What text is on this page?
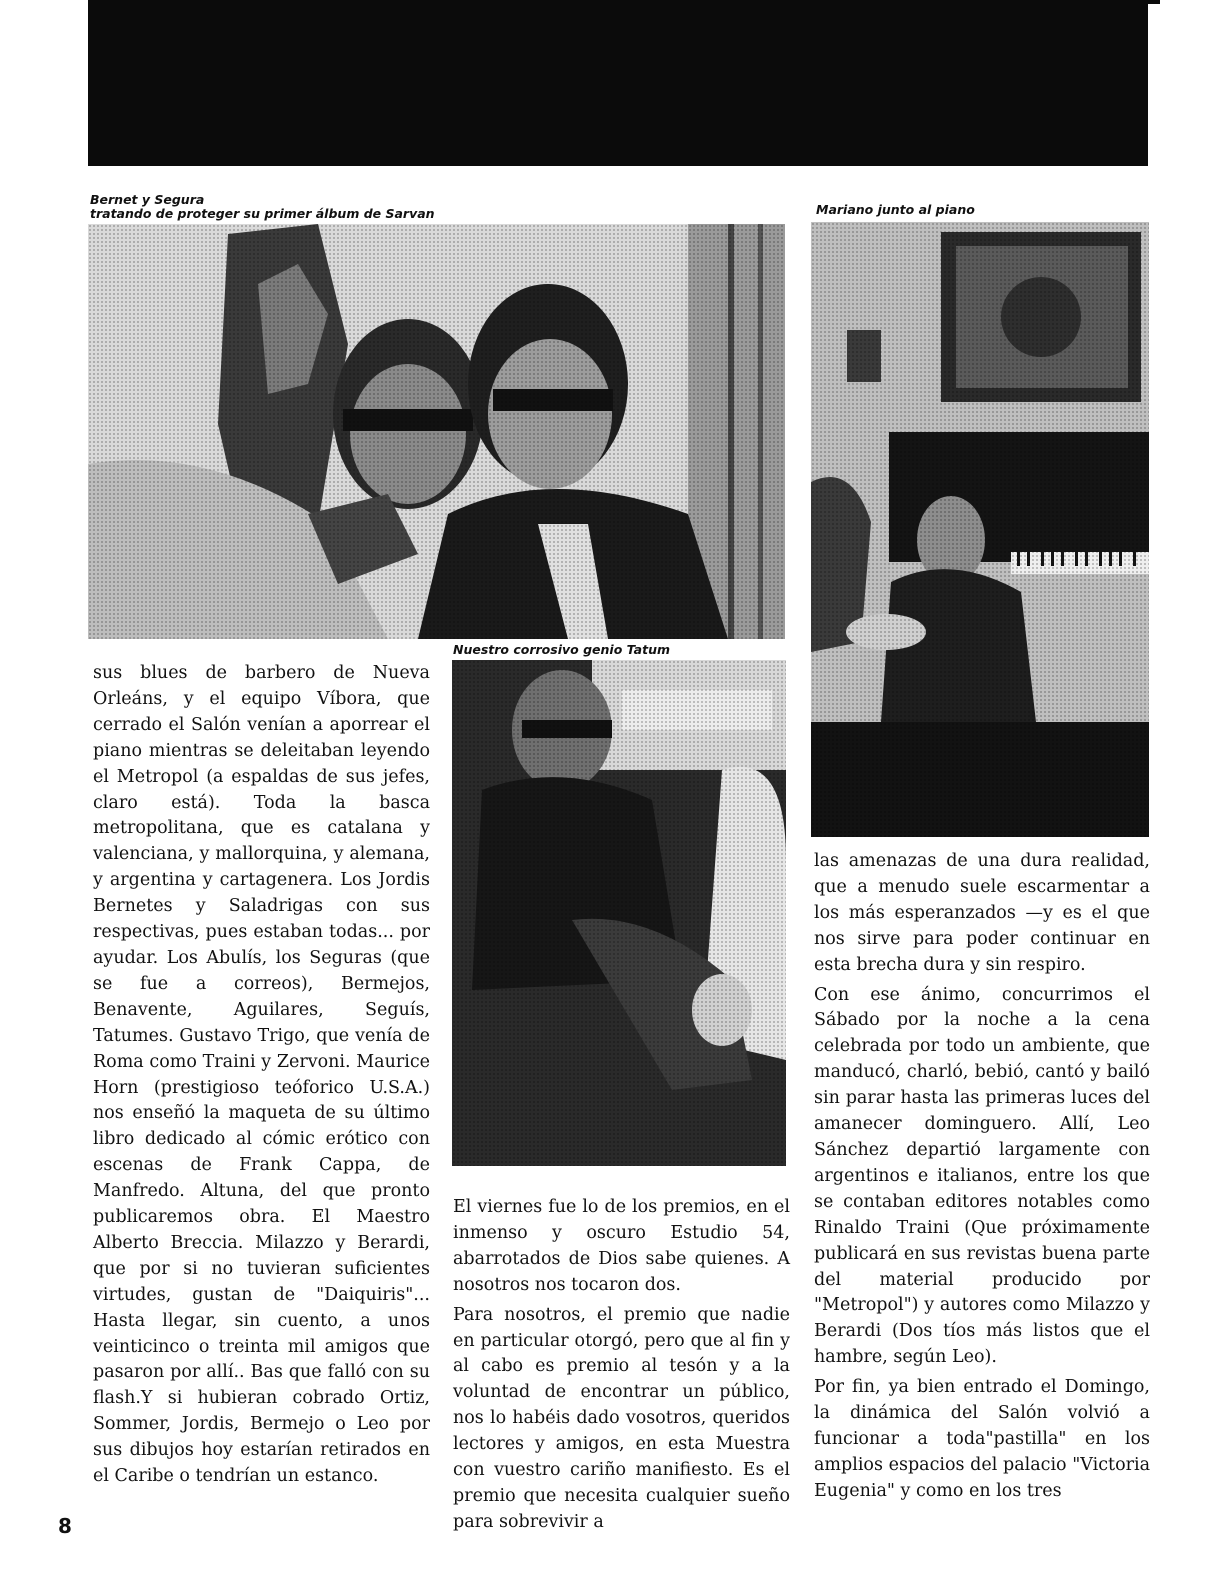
Bernet y Segura
tratando de proteger su primer álbum de Sarvan	Mariano junto al piano
Nuestro corrosivo genio Tatum

sus blues de barbero de Nueva Orleáns, y el equipo Víbora, que cerrado el Salón venían a aporrear el piano mientras se deleitaban leyendo el Metropol (a espaldas de sus jefes, claro está). Toda la basca metropolitana, que es catalana y valenciana, y mallorquina, y alemana, y argentina y cartagenera. Los Jordis Bernetes y Saladrigas con sus respectivas, pues estaban todas... por ayudar. Los Abulís, los Seguras (que se fue a correos), Bermejos, Benavente, Aguilares, Seguís, Tatumes. Gustavo Trigo, que venía de Roma como Traini y Zervoni. Maurice Horn (prestigioso teóforico U.S.A.) nos enseñó la maqueta de su último libro dedicado al cómic erótico con escenas de Frank Cappa, de Manfredo. Altuna, del que pronto publicaremos obra. El Maestro Alberto Breccia. Milazzo y Berardi, que por si no tuvieran suficientes virtudes, gustan de "Daiquiris"... Hasta llegar, sin cuento, a unos veinticinco o treinta mil amigos que pasaron por allí.. Bas que falló con su flash.Y si hubieran cobrado Ortiz, Sommer, Jordis, Bermejo o Leo por sus dibujos hoy estarían retirados en el Caribe o tendrían un estanco.

El viernes fue lo de los premios, en el inmenso y oscuro Estudio 54, abarrotados de Dios sabe quienes. A nosotros nos tocaron dos.

Para nosotros, el premio que nadie en particular otorgó, pero que al fin y al cabo es premio al tesón y a la voluntad de encontrar un público, nos lo habéis dado vosotros, queridos lectores y amigos, en esta Muestra con vuestro cariño manifiesto. Es el premio que necesita cualquier sueño para sobrevivir a

las amenazas de una dura realidad, que a menudo suele escarmentar a los más esperanzados —y es el que nos sirve para poder continuar en esta brecha dura y sin respiro.

Con ese ánimo, concurrimos el Sábado por la noche a la cena celebrada por todo un ambiente, que manducó, charló, bebió, cantó y bailó sin parar hasta las primeras luces del amanecer dominguero. Allí, Leo Sánchez departió largamente con argentinos e italianos, entre los que se contaban editores notables como Rinaldo Traini (Que próximamente publicará en sus revistas buena parte del material producido por "Metropol") y autores como Milazzo y Berardi (Dos tíos más listos que el hambre, según Leo).

Por fin, ya bien entrado el Domingo, la dinámica del Salón volvió a funcionar a toda"pastilla" en los amplios espacios del palacio "Victoria Eugenia" y como en los tres

8
